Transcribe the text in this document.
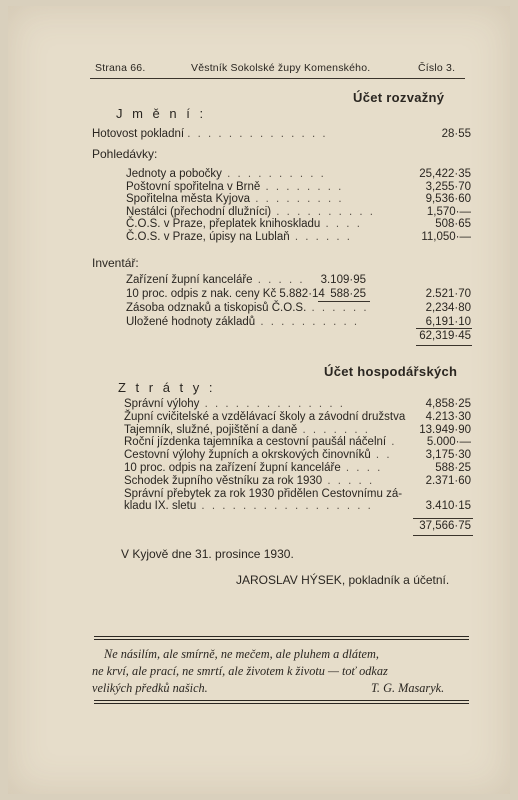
Strana 66.	Věstník Sokolské župy Komenského.	Číslo 3.
Účet rozvažný
J m ě n í :
Hotovost pokladní . . . . . . . . . . . . . .	28·55
Pohledávky:
Jednoty a pobočky . . . . . . . . . .	25,422·35
Poštovní spořitelna v Brně . . . . . . . .	3,255·70
Spořitelna města Kyjova . . . . . . . . .	9,536·60
Nestálci (přechodní dlužníci) . . . . . . . . . .	1,570·—
Č.O.S. v Praze, přeplatek knihoskladu . . . .	508·65
Č.O.S. v Praze, úpisy na Lublaň . . . . . .	11,050·—
Inventář:
Zařízení župní kanceláře . . . . . 3.109·95
10 proc. odpis z nak. ceny Kč 5.882·14 588·25	2.521·70
Zásoba odznaků a tiskopisů Č.O.S. . . . . . .	2,234·80
Uložené hodnoty základů . . . . . . . . . .	6,191·10
62,319·45
Účet hospodářských
Z t r á t y :
Správní výlohy . . . . . . . . . . . . . .	4,858·25
Župní cvičitelské a vzdělávací školy a závodní družstva 4.213·30
Tajemník, služné, pojištění a daně . . . . . . .	13.949·90
Roční jízdenka tajemníka a cestovní paušál náčelní .	5.000·—
Cestovní výlohy župních a okrskových činovníků . .	3,175·30
10 proc. odpis na zařízení župní kanceláře . . . .	588·25
Schodek župního věstníku za rok 1930 . . . . .	2.371·60
Správní přebytek za rok 1930 přidělen Cestovnímu zá-
kladu IX. sletu . . . . . . . . . . . . . . . . .	3.410·15
37,566·75
V Kyjově dne 31. prosince 1930.
JAROSLAV HÝSEK, pokladník a účetní.
Ne násilím, ale smírně, ne mečem, ale pluhem a dlátem,
ne krví, ale prací, ne smrtí, ale životem k životu — toť odkaz
velikých předků našich.	T. G. Masaryk.
